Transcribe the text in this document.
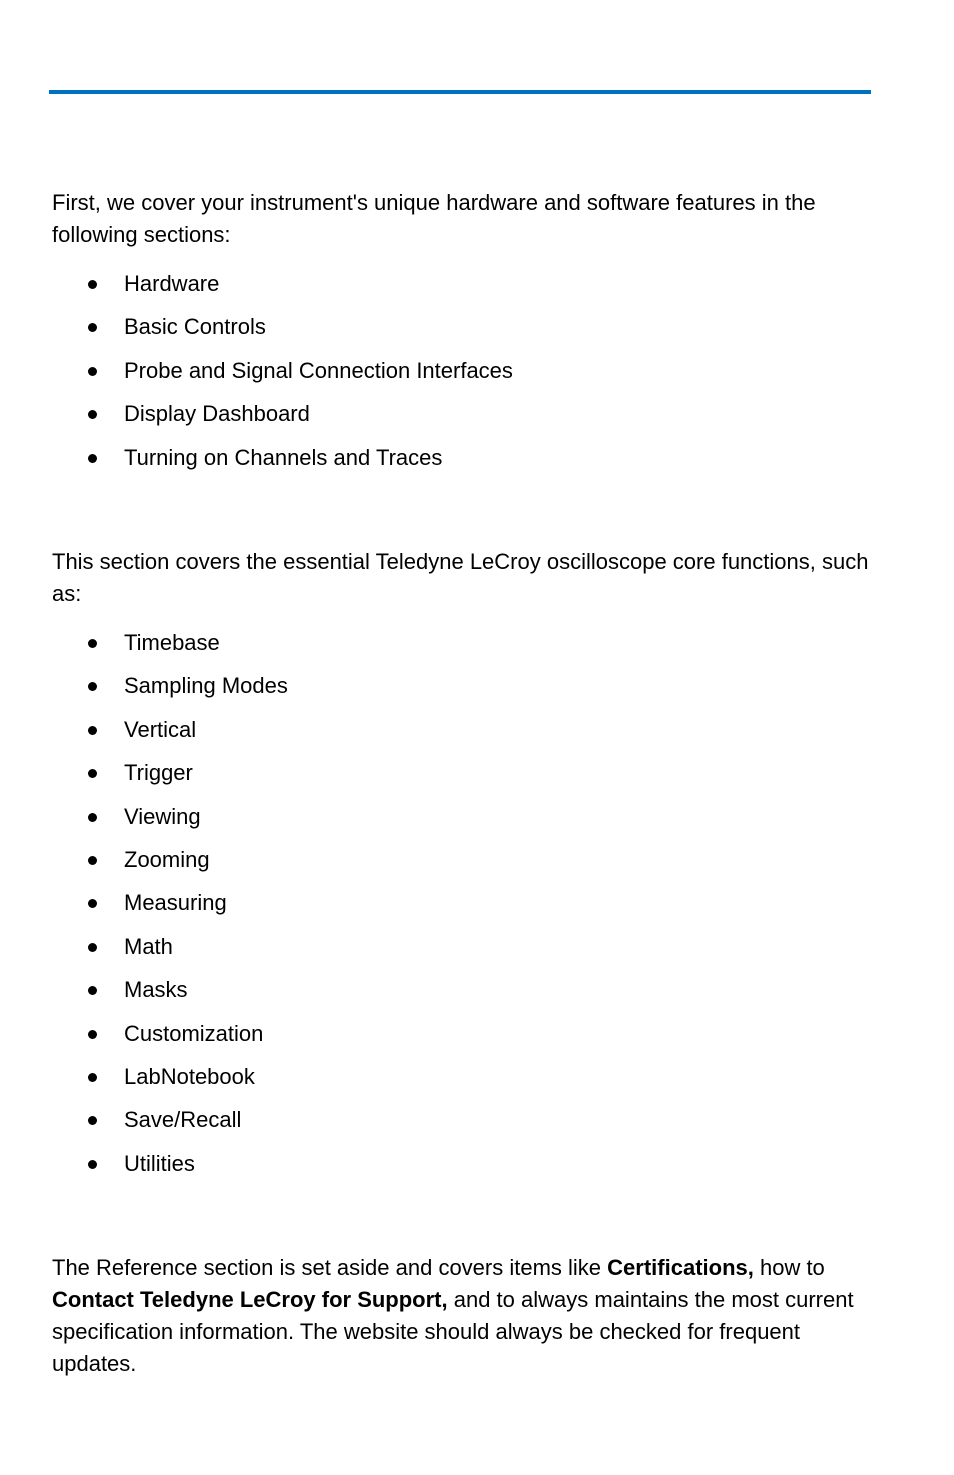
First, we cover your instrument's unique hardware and software features in the following sections:

Hardware
Basic Controls
Probe and Signal Connection Interfaces
Display Dashboard
Turning on Channels and Traces

This section covers the essential Teledyne LeCroy oscilloscope core functions, such as:

Timebase
Sampling Modes
Vertical
Trigger
Viewing
Zooming
Measuring
Math
Masks
Customization
LabNotebook
Save/Recall
Utilities

The Reference section is set aside and covers items like Certifications, how to Contact Teledyne LeCroy for Support, and to always maintains the most current specification information. The website should always be checked for frequent updates.
